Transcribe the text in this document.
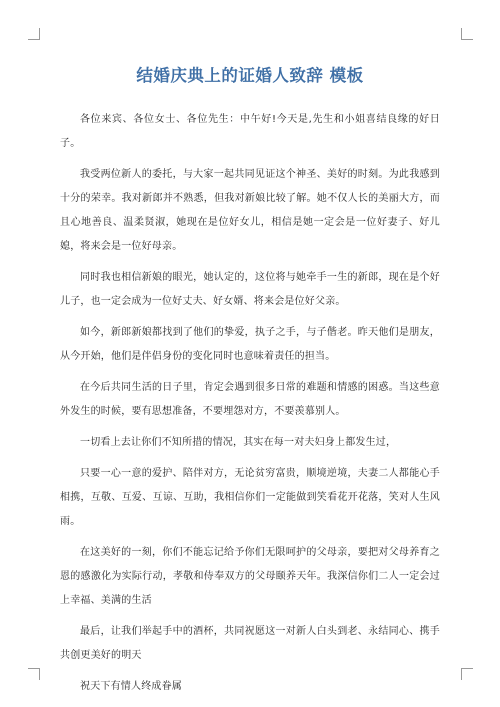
结婚庆典上的证婚人致辞 模板

各位来宾、各位女士、各位先生：中午好!今天是,先生和小姐喜结良缘的好日子。

我受两位新人的委托，与大家一起共同见证这个神圣、美好的时刻。为此我感到十分的荣幸。我对新郎并不熟悉，但我对新娘比较了解。她不仅人长的美丽大方，而且心地善良、温柔贤淑，她现在是位好女儿，相信是她一定会是一位好妻子、好儿媳，将来会是一位好母亲。

同时我也相信新娘的眼光，她认定的，这位将与她牵手一生的新郎，现在是个好儿子，也一定会成为一位好丈夫、好女婿、将来会是位好父亲。

如今，新郎新娘都找到了他们的挚爱，执子之手，与子偕老。昨天他们是朋友，从今开始，他们是伴侣身份的变化同时也意味着责任的担当。

在今后共同生活的日子里，肯定会遇到很多日常的难题和情感的困惑。当这些意外发生的时候，要有思想准备，不要埋怨对方，不要羡慕别人。

一切看上去让你们不知所措的情况，其实在每一对夫妇身上都发生过，

只要一心一意的爱护、陪伴对方，无论贫穷富贵，顺境逆境，夫妻二人都能心手相携，互敬、互爱、互谅、互助，我相信你们一定能做到笑看花开花落，笑对人生风雨。

在这美好的一刻，你们不能忘记给予你们无限呵护的父母亲，要把对父母养育之恩的感激化为实际行动，孝敬和侍奉双方的父母颐养天年。我深信你们二人一定会过上幸福、美满的生活

最后，让我们举起手中的酒杯，共同祝愿这一对新人白头到老、永结同心、携手共创更美好的明天

祝天下有情人终成眷属
